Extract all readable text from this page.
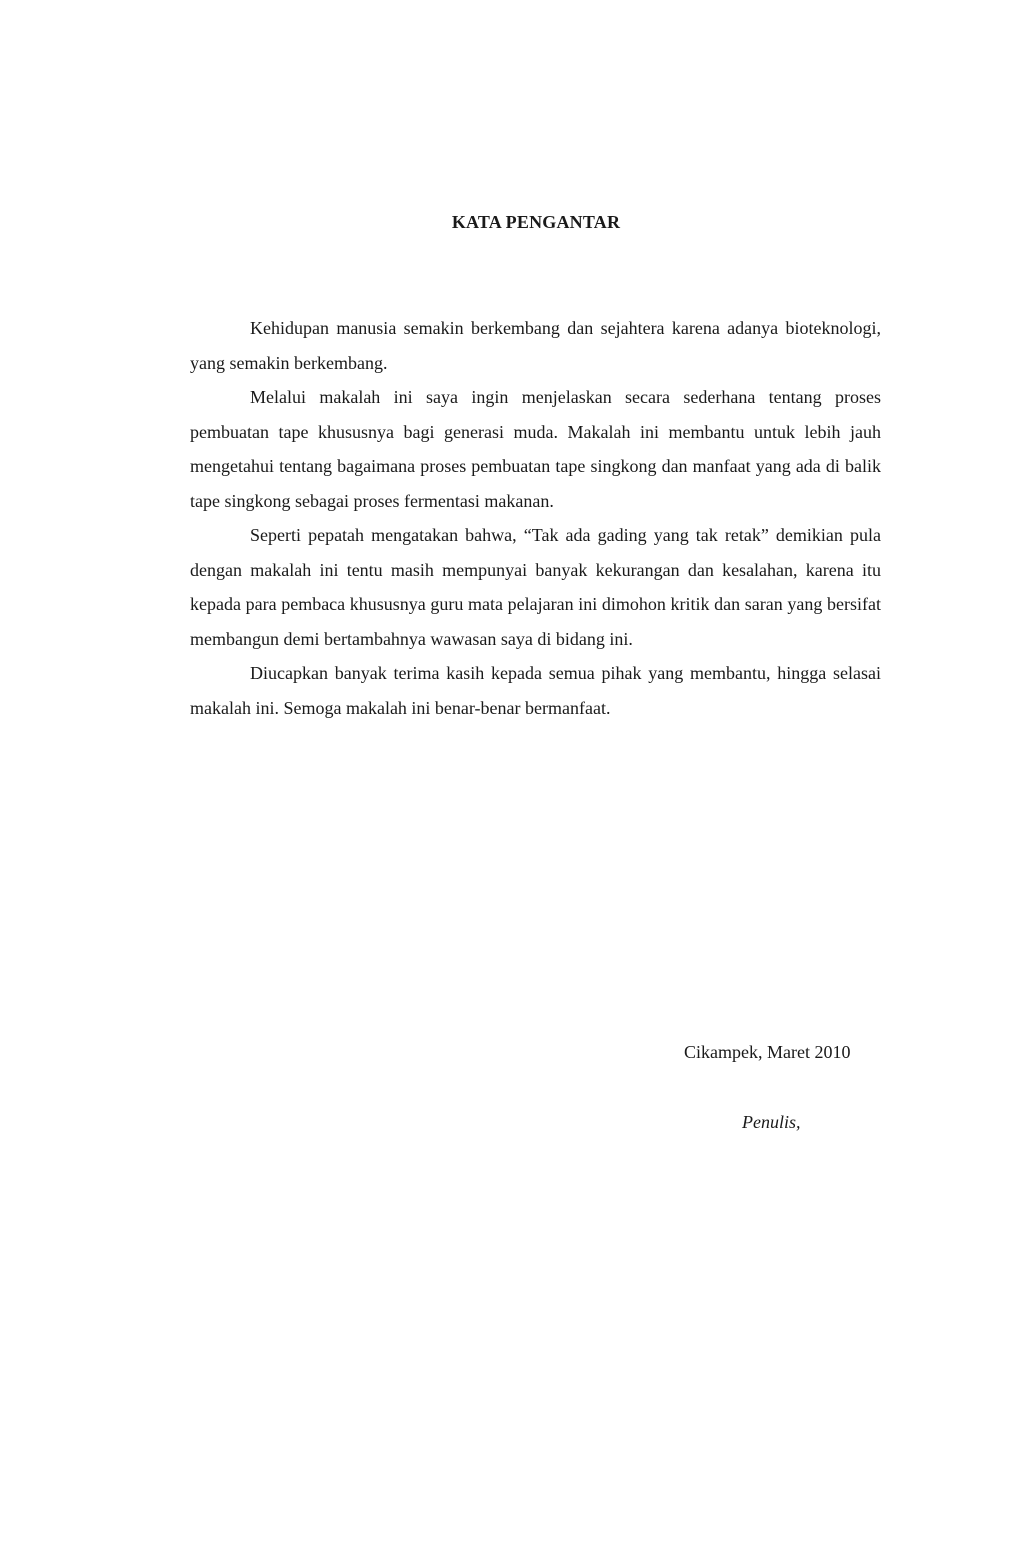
KATA PENGANTAR

Kehidupan manusia semakin berkembang dan sejahtera karena adanya bioteknologi, yang semakin berkembang.

Melalui makalah ini saya ingin menjelaskan secara sederhana tentang proses pembuatan tape khususnya bagi generasi muda. Makalah ini membantu untuk lebih jauh mengetahui tentang bagaimana proses pembuatan tape singkong dan manfaat yang ada di balik tape singkong sebagai proses fermentasi makanan.

Seperti pepatah mengatakan bahwa, “Tak ada gading yang tak retak” demikian pula dengan makalah ini tentu masih mempunyai banyak kekurangan dan kesalahan, karena itu kepada para pembaca khususnya guru mata pelajaran ini dimohon kritik dan saran yang bersifat membangun demi bertambahnya wawasan saya di bidang ini.

Diucapkan banyak terima kasih kepada semua pihak yang membantu, hingga selasai makalah ini. Semoga makalah ini benar-benar bermanfaat.

Cikampek, Maret 2010
Penulis,
